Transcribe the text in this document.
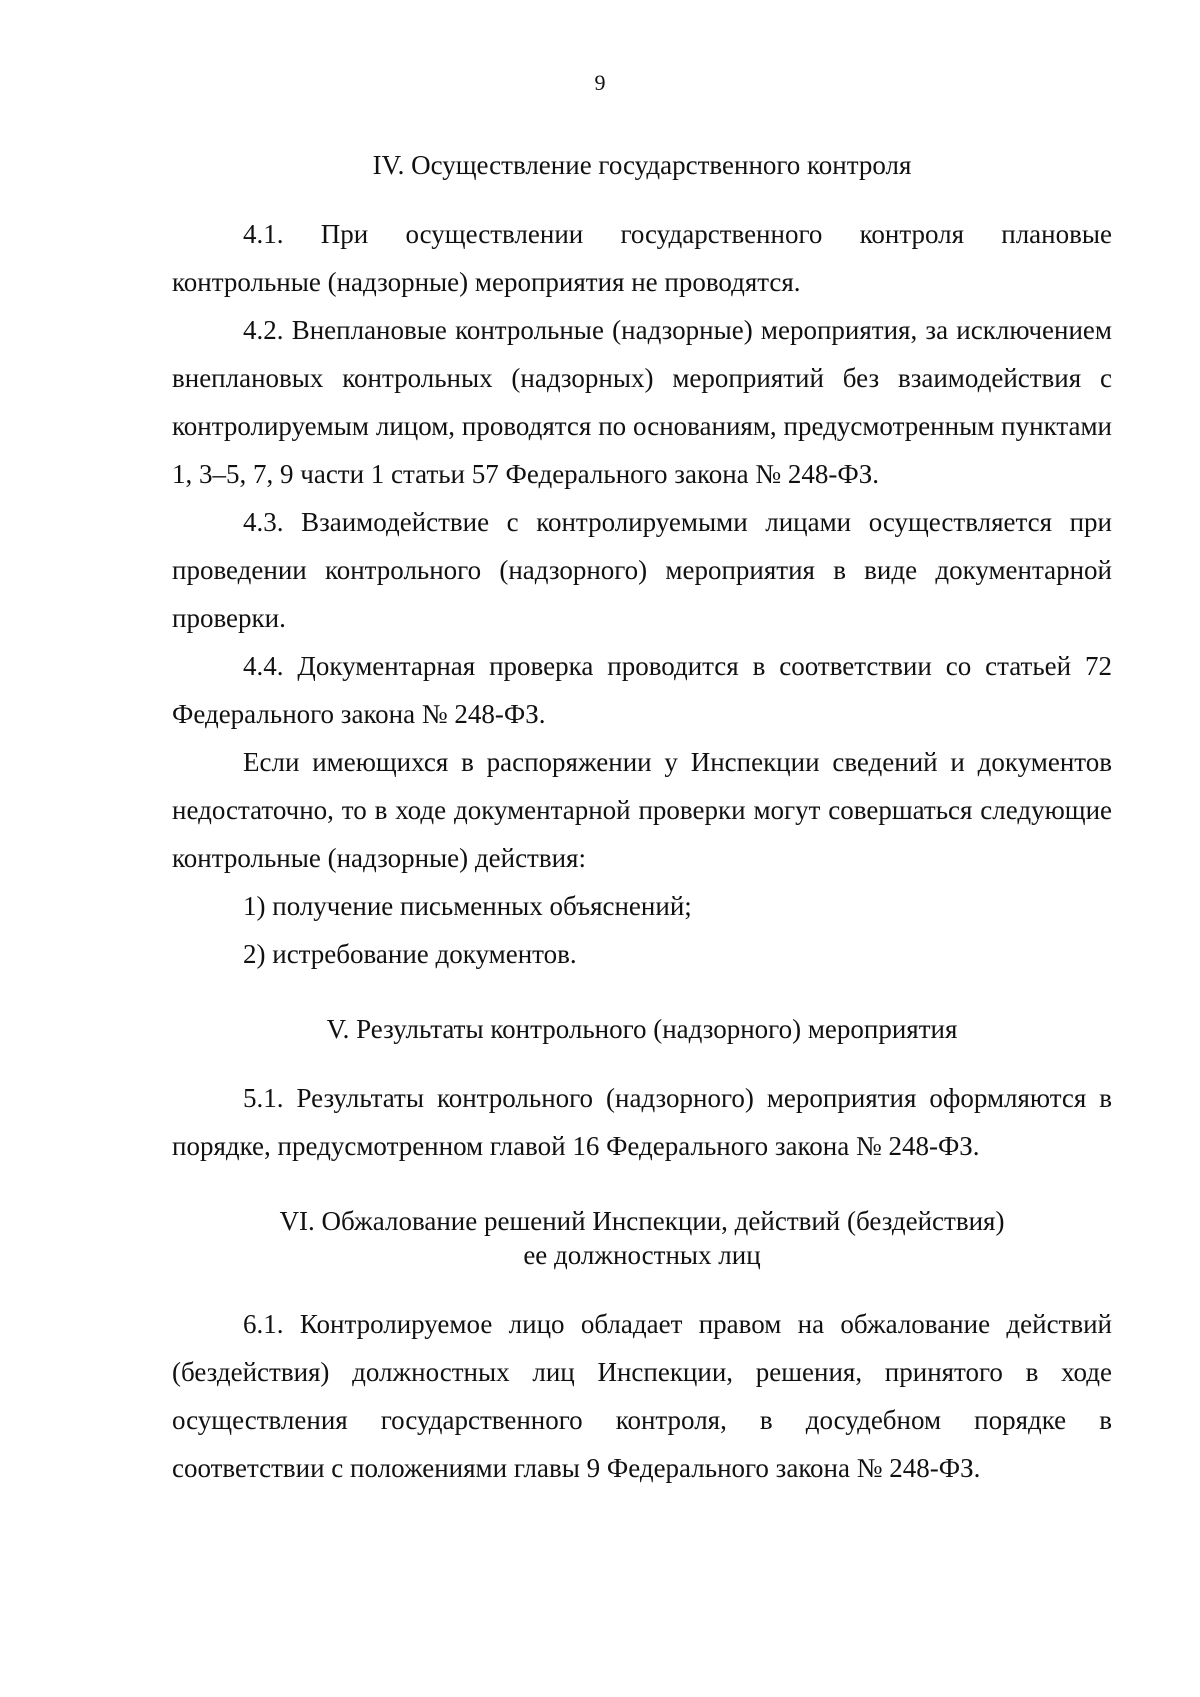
9
IV. Осуществление государственного контроля

4.1. При осуществлении государственного контроля плановые контрольные (надзорные) мероприятия не проводятся.

4.2. Внеплановые контрольные (надзорные) мероприятия, за исключением внеплановых контрольных (надзорных) мероприятий без взаимодействия с контролируемым лицом, проводятся по основаниям, предусмотренным пунктами 1, 3–5, 7, 9 части 1 статьи 57 Федерального закона № 248-ФЗ.

4.3. Взаимодействие с контролируемыми лицами осуществляется при проведении контрольного (надзорного) мероприятия в виде документарной проверки.

4.4. Документарная проверка проводится в соответствии со статьей 72 Федерального закона № 248-ФЗ.

Если имеющихся в распоряжении у Инспекции сведений и документов недостаточно, то в ходе документарной проверки могут совершаться следующие контрольные (надзорные) действия:

1) получение письменных объяснений;

2) истребование документов.

V. Результаты контрольного (надзорного) мероприятия

5.1. Результаты контрольного (надзорного) мероприятия оформляются в порядке, предусмотренном главой 16 Федерального закона № 248-ФЗ.

VI. Обжалование решений Инспекции, действий (бездействия)
ее должностных лиц

6.1. Контролируемое лицо обладает правом на обжалование действий (бездействия) должностных лиц Инспекции, решения, принятого в ходе осуществления государственного контроля, в досудебном порядке в соответствии с положениями главы 9 Федерального закона № 248-ФЗ.
